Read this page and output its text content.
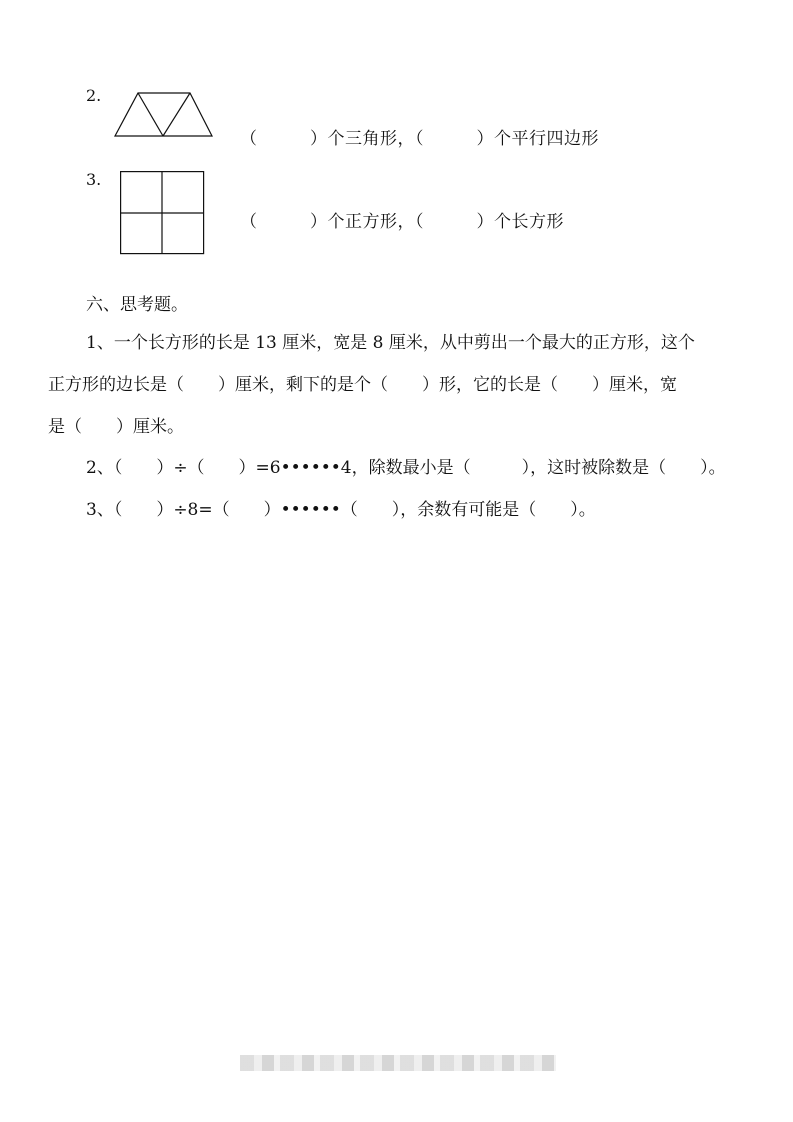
2.
（　　　）个三角形，（　　　）个平行四边形
3.
（　　　）个正方形，（　　　）个长方形
六、思考题。
1、一个长方形的长是 13 厘米，宽是 8 厘米，从中剪出一个最大的正方形，这个
正方形的边长是（　　）厘米，剩下的是个（　　）形，它的长是（　　）厘米，宽
是（　　）厘米。
2、（　　）÷（　　）=6••••••4，除数最小是（　　　），这时被除数是（　　）。
3、（　　）÷8=（　　）••••••（　　），余数有可能是（　　）。
